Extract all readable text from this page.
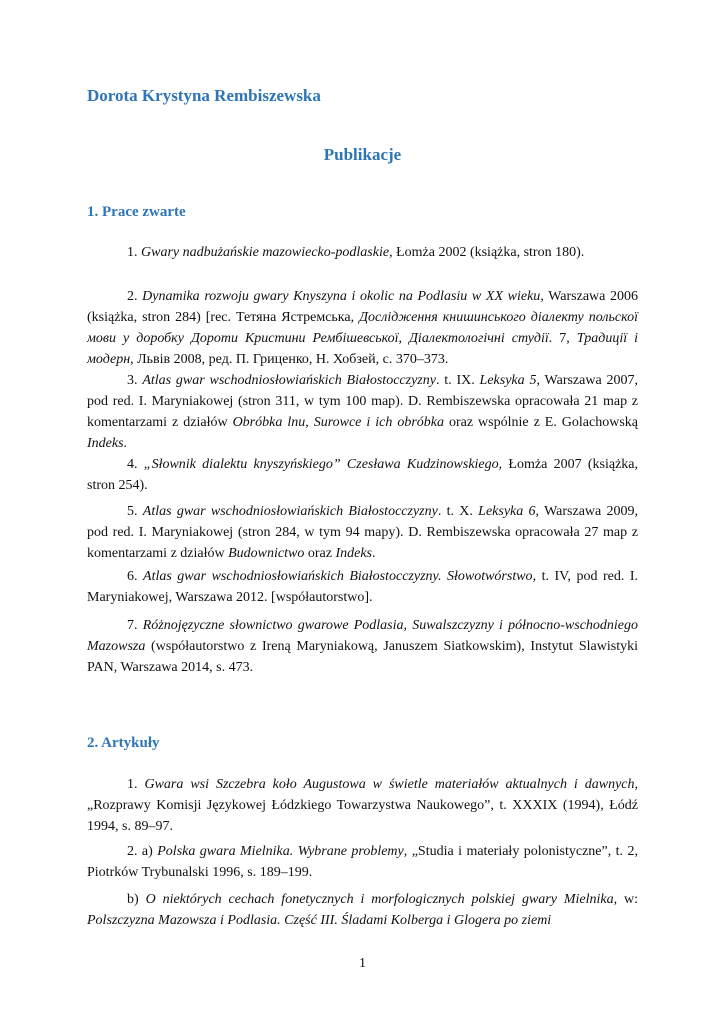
Dorota Krystyna Rembiszewska
Publikacje
1. Prace zwarte
1. Gwary nadbużańskie mazowiecko-podlaskie, Łomża 2002 (książka, stron 180).
2. Dynamika rozwoju gwary Knyszyna i okolic na Podlasiu w XX wieku, Warszawa 2006 (książka, stron 284) [rec. Тетяна Ястремська, Дослідження книшинського діалекту польскої мови у доробку Дороти Кристини Рембішевської, Діалектологічні студії. 7, Традиції і модерн, Львів 2008, ред. П. Гриценко, Н. Хобзей, с. 370–373.
3. Atlas gwar wschodniosłowiańskich Białostocczyzny. t. IX. Leksyka 5, Warszawa 2007, pod red. I. Maryniakowej (stron 311, w tym 100 map). D. Rembiszewska opracowała 21 map z komentarzami z działów Obróbka lnu, Surowce i ich obróbka oraz wspólnie z E. Golachowską Indeks.
4. „Słownik dialektu knyszyńskiego” Czesława Kudzinowskiego, Łomża 2007 (książka, stron 254).
5. Atlas gwar wschodniosłowiańskich Białostocczyzny. t. X. Leksyka 6, Warszawa 2009, pod red. I. Maryniakowej (stron 284, w tym 94 mapy). D. Rembiszewska opracowała 27 map z komentarzami z działów Budownictwo oraz Indeks.
6. Atlas gwar wschodniosłowiańskich Białostocczyzny. Słowotwórstwo, t. IV, pod red. I. Maryniakowej, Warszawa 2012. [współautorstwo].
7. Różnojęzyczne słownictwo gwarowe Podlasia, Suwalszczyzny i północno-wschodniego Mazowsza (współautorstwo z Ireną Maryniakową, Januszem Siatkowskim), Instytut Slawistyki PAN, Warszawa 2014, s. 473.
2. Artykuły
1. Gwara wsi Szczebra koło Augustowa w świetle materiałów aktualnych i dawnych, „Rozprawy Komisji Językowej Łódzkiego Towarzystwa Naukowego”, t. XXXIX (1994), Łódź 1994, s. 89–97.
2. a) Polska gwara Mielnika. Wybrane problemy, „Studia i materiały polonistyczne”, t. 2, Piotrków Trybunalski 1996, s. 189–199.
b) O niektórych cechach fonetycznych i morfologicznych polskiej gwary Mielnika, w: Polszczyzna Mazowsza i Podlasia. Część III. Śladami Kolberga i Glogera po ziemi
1
